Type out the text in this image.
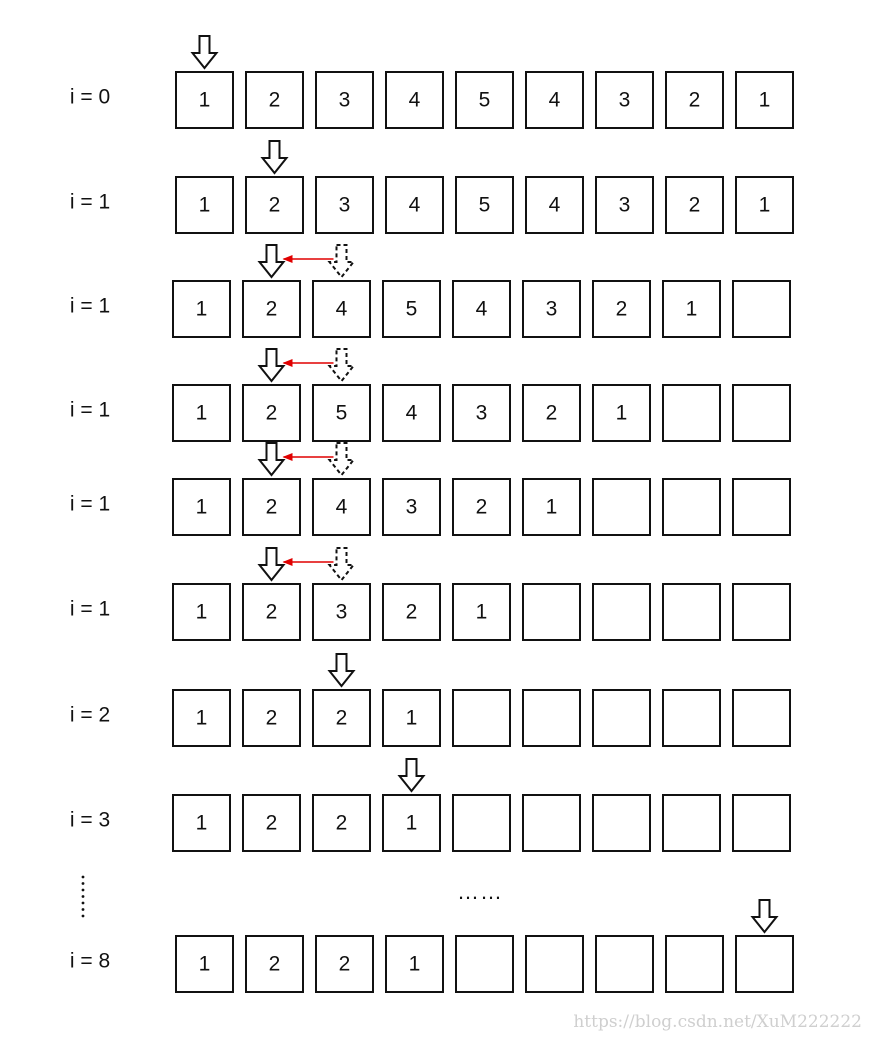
i = 0	1	2	3	4	5	4	3	2	1
i = 1	1	2	3	4	5	4	3	2	1
i = 1	1	2	4	5	4	3	2	1
i = 1	1	2	5	4	3	2	1
i = 1	1	2	4	3	2	1
i = 1	1	2	3	2	1
i = 2	1	2	2	1
i = 3	1	2	2	1
i = 8	1	2	2	1
……
https://blog.csdn.net/XuM222222
